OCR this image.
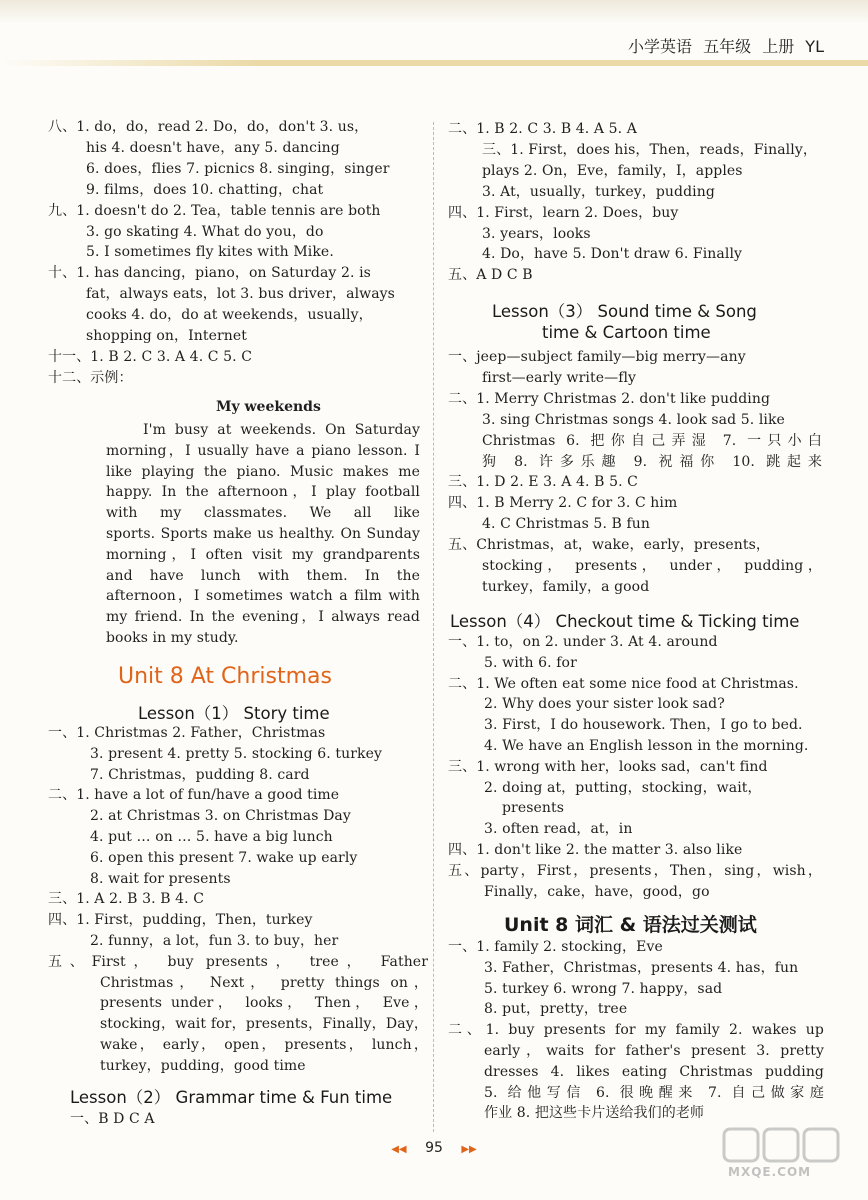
小学英语 五年级 上册 YL
八、1. do，do，read 2. Do，do，don't 3. us，
his 4. doesn't have，any 5. dancing
6. does，flies 7. picnics 8. singing，singer
9. films，does 10. chatting，chat
九、1. doesn't do 2. Tea，table tennis are both
3. go skating 4. What do you，do
5. I sometimes fly kites with Mike.
十、1. has dancing，piano，on Saturday 2. is
fat，always eats，lot 3. bus driver，always
cooks 4. do，do at weekends，usually，
shopping on，Internet
十一、1. B 2. C 3. A 4. C 5. C
十二、示例：
My weekends
I'm busy at weekends. On Saturday
morning，I usually have a piano lesson. I
like playing the piano. Music makes me
happy. In the afternoon，I play football
with my classmates. We all like
sports. Sports make us healthy. On Sunday
morning，I often visit my grandparents
and have lunch with them. In the
afternoon，I sometimes watch a film with
my friend. In the evening，I always read
books in my study.
Unit 8 At Christmas
Lesson（1） Story time
一、1. Christmas 2. Father，Christmas
3. present 4. pretty 5. stocking 6. turkey
7. Christmas，pudding 8. card
二、1. have a lot of fun/have a good time
2. at Christmas 3. on Christmas Day
4. put … on … 5. have a big lunch
6. open this present 7. wake up early
8. wait for presents
三、1. A 2. B 3. B 4. C
四、1. First，pudding，Then，turkey
2. funny，a lot，fun 3. to buy，her
五、First， buy presents， tree， Father
Christmas， Next， pretty things on，
presents under， looks， Then， Eve，
stocking，wait for，presents，Finally，Day，
wake， early， open， presents， lunch，
turkey，pudding，good time
Lesson（2） Grammar time & Fun time
一、B D C A
二、1. B 2. C 3. B 4. A 5. A
三、1. First，does his，Then，reads，Finally，
plays 2. On，Eve，family，I，apples
3. At，usually，turkey，pudding
四、1. First，learn 2. Does，buy
3. years，looks
4. Do，have 5. Don't draw 6. Finally
五、A D C B
Lesson（3） Sound time & Song
time & Cartoon time
一、jeep—subject family—big merry—any
first—early write—fly
二、1. Merry Christmas 2. don't like pudding
3. sing Christmas songs 4. look sad 5. like
Christmas 6. 把你自己弄湿 7. 一只小白
狗 8. 许多乐趣 9. 祝福你 10. 跳起来
三、1. D 2. E 3. A 4. B 5. C
四、1. B Merry 2. C for 3. C him
4. C Christmas 5. B fun
五、Christmas，at，wake，early，presents，
stocking， presents， under， pudding，
turkey，family，a good
Lesson（4） Checkout time & Ticking time
一、1. to，on 2. under 3. At 4. around
5. with 6. for
二、1. We often eat some nice food at Christmas.
2. Why does your sister look sad?
3. First，I do housework. Then，I go to bed.
4. We have an English lesson in the morning.
三、1. wrong with her，looks sad，can't find
2. doing at，putting，stocking，wait，
presents
3. often read，at，in
四、1. don't like 2. the matter 3. also like
五、party，First，presents，Then，sing，wish，
Finally，cake，have，good，go
Unit 8 词汇 & 语法过关测试
一、1. family 2. stocking，Eve
3. Father，Christmas，presents 4. has，fun
5. turkey 6. wrong 7. happy，sad
8. put，pretty，tree
二、1. buy presents for my family 2. wakes up
early，waits for father's present 3. pretty
dresses 4. likes eating Christmas pudding
5. 给他写信 6. 很晚醒来 7. 自己做家庭
作业 8. 把这些卡片送给我们的老师
◀◀ 95 ▶▶
MXQE.COM
